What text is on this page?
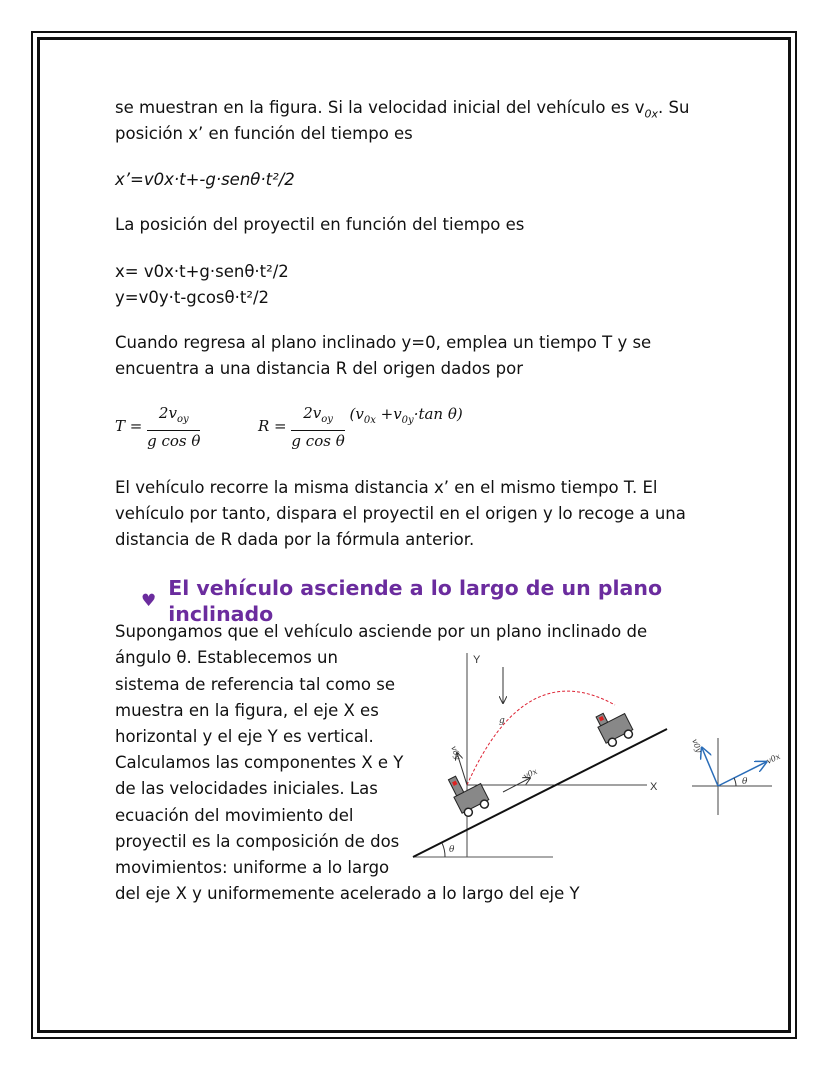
se muestran en la figura. Si la velocidad inicial del vehículo es $v_{0x}$. Su

posición x’ en función del tiempo es

x’=v0x·t+-g·senθ·t²/2

La posición del proyectil en función del tiempo es

x= v0x·t+g·senθ·t²/2

y=v0y·t-gcosθ·t²/2

Cuando regresa al plano inclinado y=0, emplea un tiempo T y se

encuentra a una distancia R del origen dados por

$T = \frac{2v_{oy}}{\text{g cos θ}}$	$R = \frac{2v_{oy}}{\text{g cos θ}} (v_{0x} +v_{0y}\cdot\tan$ θ)

El vehículo recorre la misma distancia x’ en el mismo tiempo T. El

vehículo por tanto, dispara el proyectil en el origen y lo recoge a una

distancia de R dada por la fórmula anterior.

♥
El vehículo asciende a lo largo de un plano inclinado

Supongamos que el vehículo asciende por un plano inclinado de

ángulo θ. Establecemos un

sistema de referencia tal como se

muestra en la figura, el eje X es

horizontal y el eje Y es vertical.

Calculamos las componentes X e Y

de las velocidades iniciales. Las

ecuación del movimiento del

proyectil es la composición de dos

movimientos: uniforme a lo largo

del eje X y uniformemente acelerado a lo largo del eje Y

Y
X
θ
g
v0y
v0x
v0y
v0x
θ
